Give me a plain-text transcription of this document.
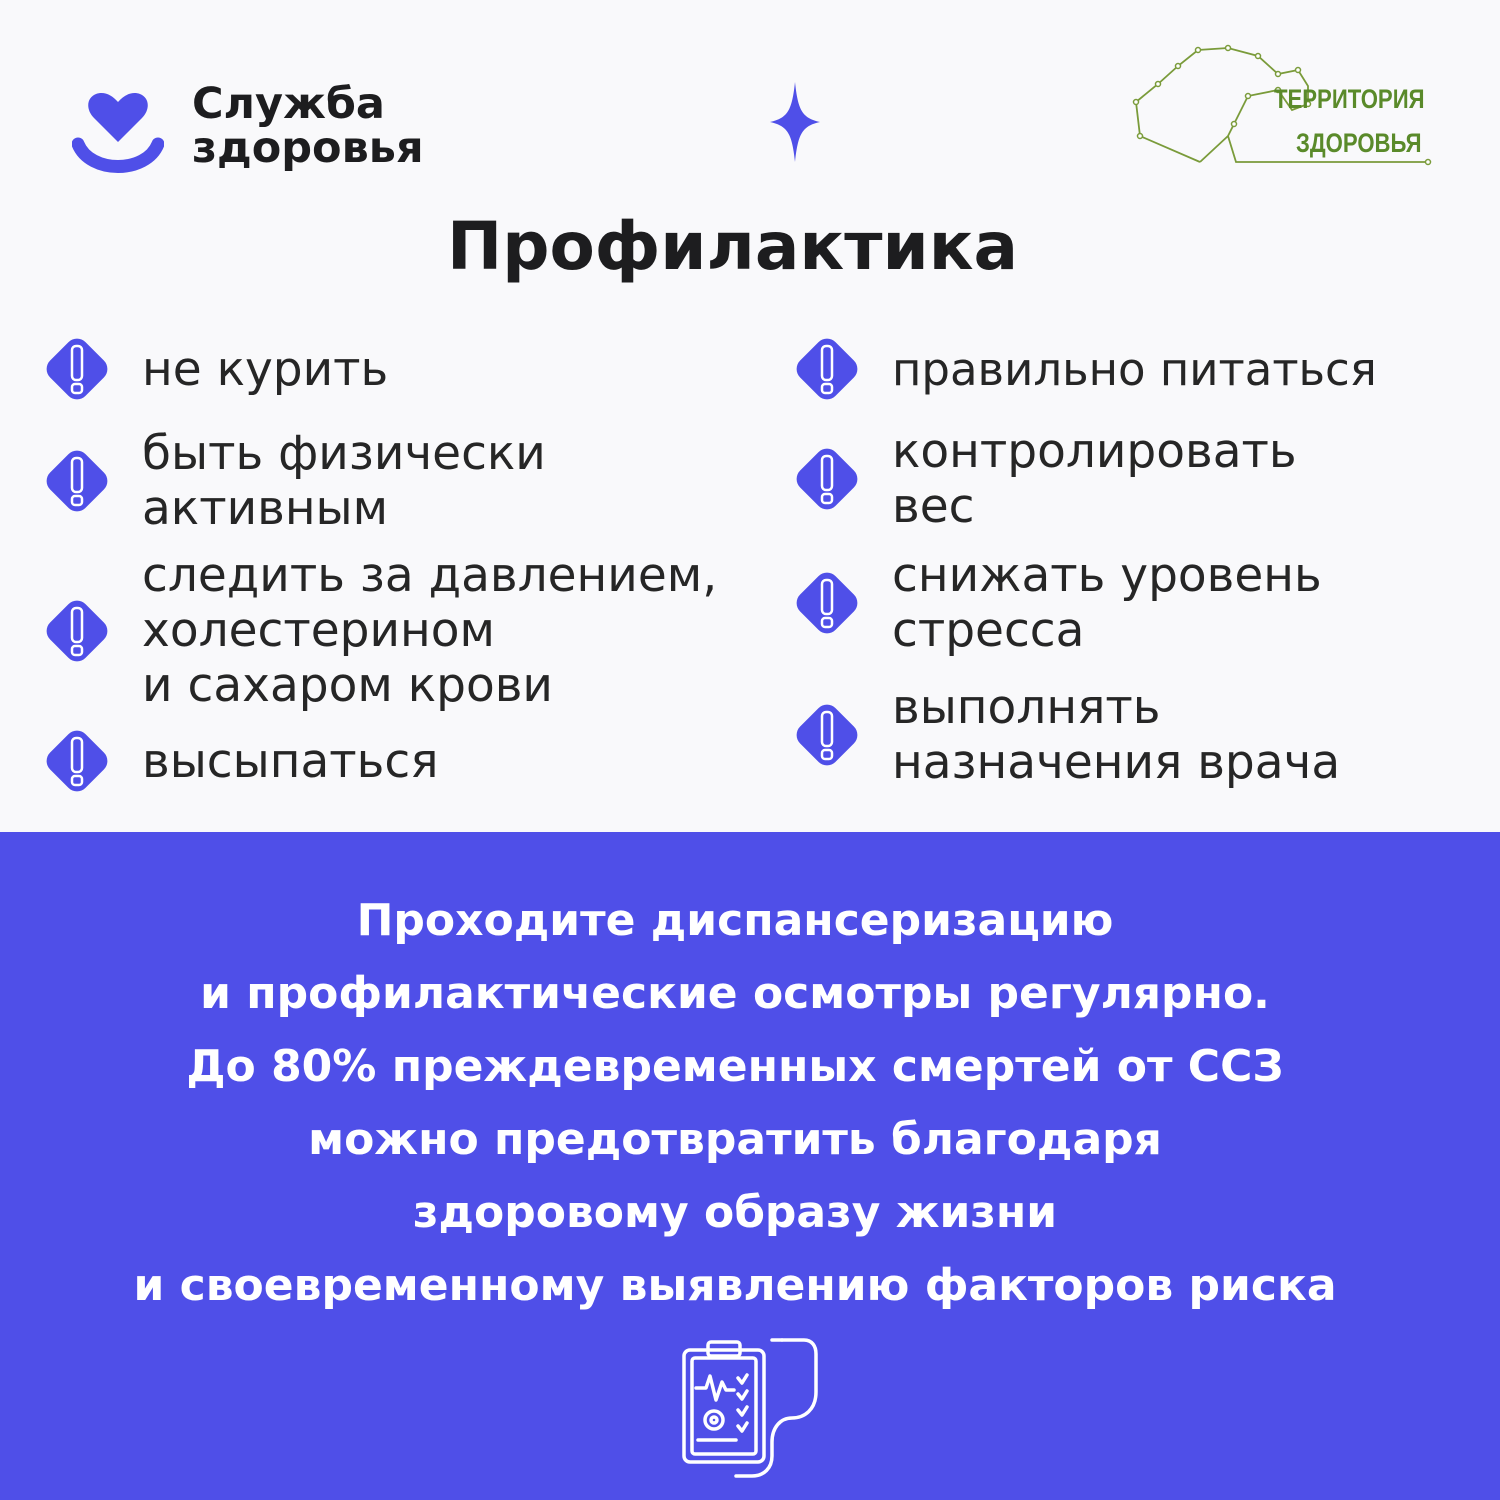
Служба
здоровья
ТЕРРИТОРИЯ
ЗДОРОВЬЯ
Профилактика
не курить
быть физически
активным
следить за давлением,
холестерином
и сахаром крови
высыпаться
правильно питаться
контролировать
вес
снижать уровень
стресса
выполнять
назначения врача
Проходите диспансеризацию
и профилактические осмотры регулярно.
До 80% преждевременных смертей от ССЗ
можно предотвратить благодаря
здоровому образу жизни
и своевременному выявлению факторов риска
